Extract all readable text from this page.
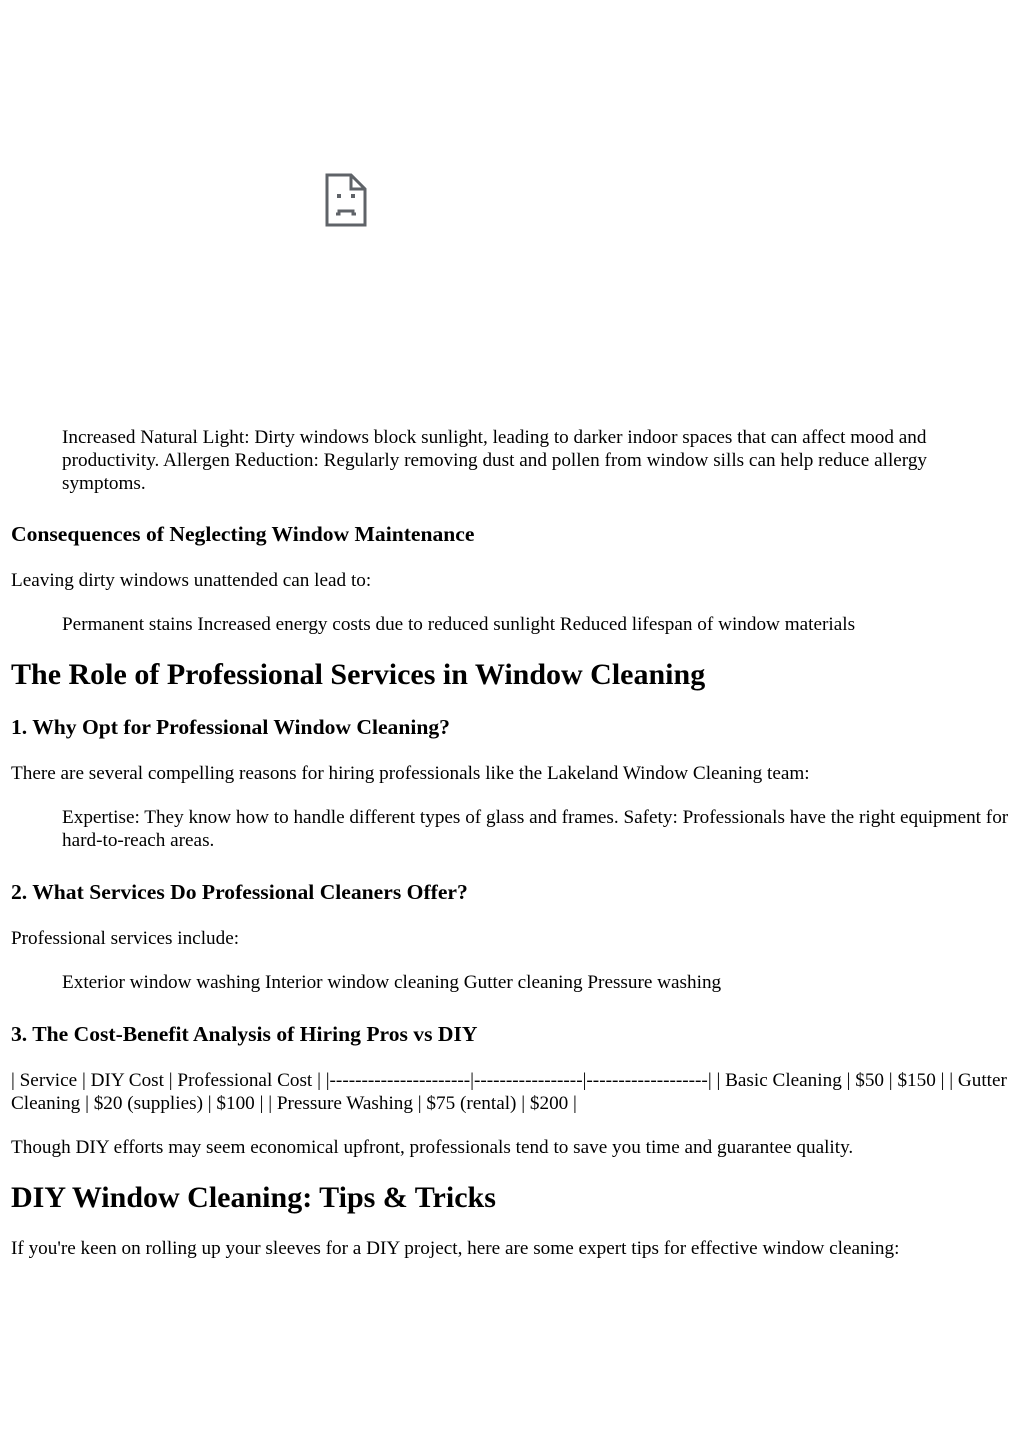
Increased Natural Light: Dirty windows block sunlight, leading to darker indoor spaces that can affect mood and productivity. Allergen Reduction: Regularly removing dust and pollen from window sills can help reduce allergy symptoms.

Consequences of Neglecting Window Maintenance

Leaving dirty windows unattended can lead to:

Permanent stains Increased energy costs due to reduced sunlight Reduced lifespan of window materials

The Role of Professional Services in Window Cleaning
1. Why Opt for Professional Window Cleaning?

There are several compelling reasons for hiring professionals like the Lakeland Window Cleaning team:

Expertise: They know how to handle different types of glass and frames. Safety: Professionals have the right equipment for hard-to-reach areas.

2. What Services Do Professional Cleaners Offer?

Professional services include:

Exterior window washing Interior window cleaning Gutter cleaning Pressure washing

3. The Cost-Benefit Analysis of Hiring Pros vs DIY

| Service | DIY Cost | Professional Cost | |----------------------|-----------------|-------------------| | Basic Cleaning | $50 | $150 | | Gutter Cleaning | $20 (supplies) | $100 | | Pressure Washing | $75 (rental) | $200 |

Though DIY efforts may seem economical upfront, professionals tend to save you time and guarantee quality.

DIY Window Cleaning: Tips & Tricks

If you're keen on rolling up your sleeves for a DIY project, here are some expert tips for effective window cleaning:
